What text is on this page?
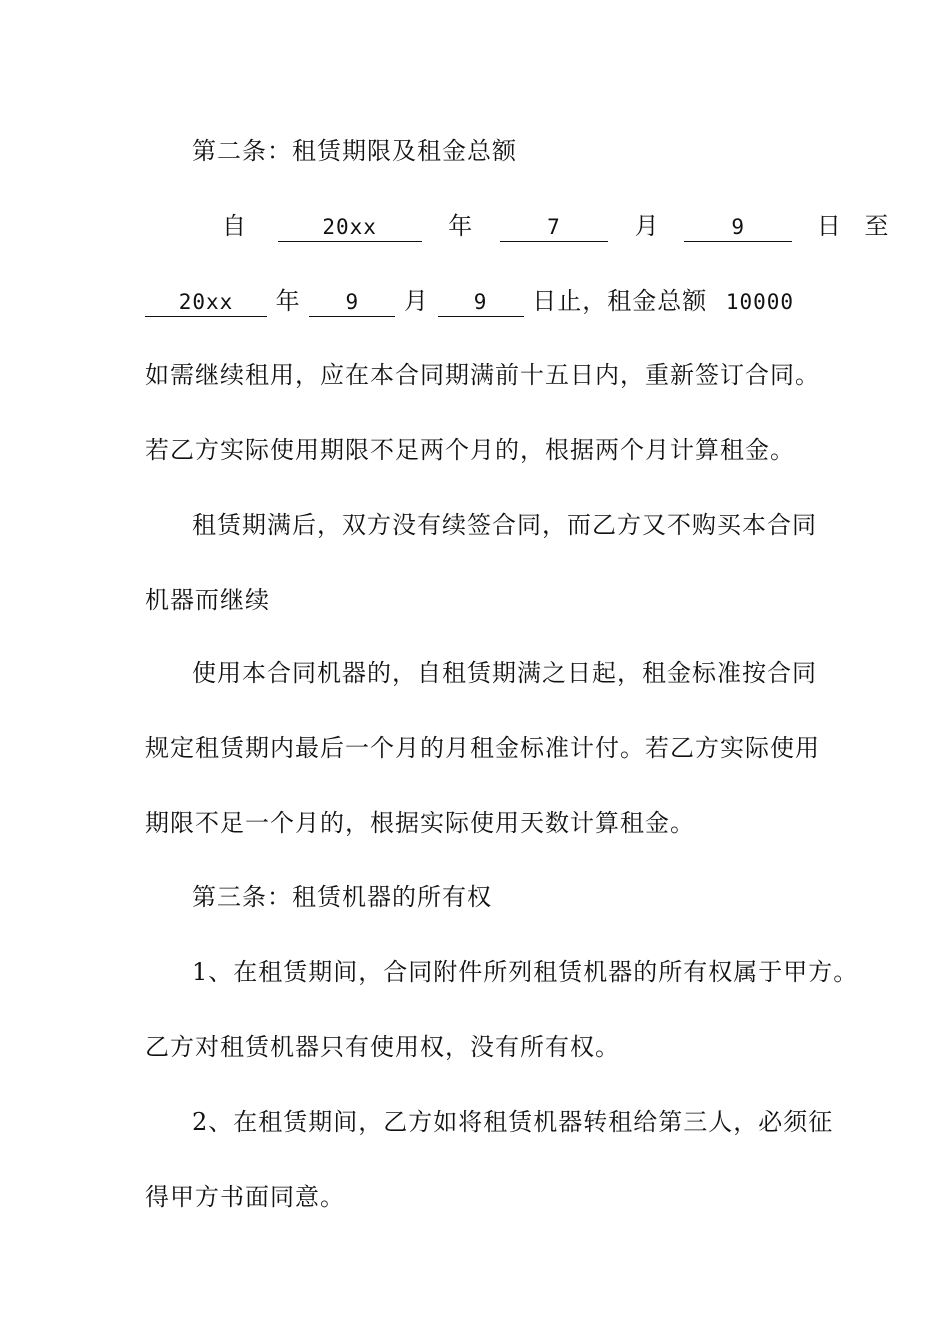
第二条：租赁期限及租金总额
自	20xx	年	7	月	9	日 至
20xx 年 9 月 9 日止，租金总额 10000
如需继续租用，应在本合同期满前十五日内，重新签订合同。
若乙方实际使用期限不足两个月的，根据两个月计算租金。
租赁期满后，双方没有续签合同，而乙方又不购买本合同
机器而继续
使用本合同机器的，自租赁期满之日起，租金标准按合同
规定租赁期内最后一个月的月租金标准计付。若乙方实际使用
期限不足一个月的，根据实际使用天数计算租金。
第三条：租赁机器的所有权
1、在租赁期间，合同附件所列租赁机器的所有权属于甲方。
乙方对租赁机器只有使用权，没有所有权。
2、在租赁期间，乙方如将租赁机器转租给第三人，必须征
得甲方书面同意。
